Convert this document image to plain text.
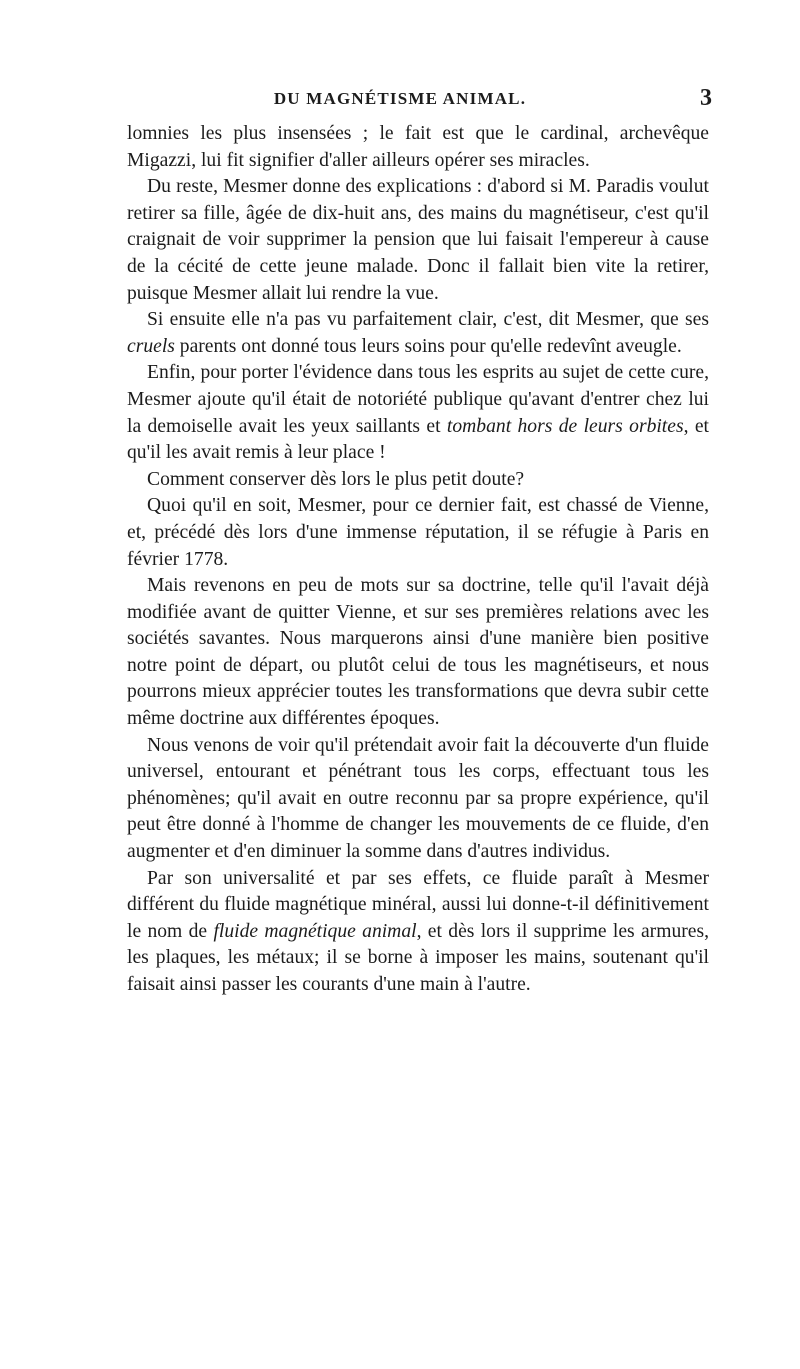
DU MAGNÉTISME ANIMAL.	3

lomnies les plus insensées ; le fait est que le cardinal, archevêque Migazzi, lui fit signifier d'aller ailleurs opérer ses miracles.

Du reste, Mesmer donne des explications : d'abord si M. Paradis voulut retirer sa fille, âgée de dix-huit ans, des mains du magnétiseur, c'est qu'il craignait de voir supprimer la pension que lui faisait l'empereur à cause de la cécité de cette jeune malade. Donc il fallait bien vite la retirer, puisque Mesmer allait lui rendre la vue.

Si ensuite elle n'a pas vu parfaitement clair, c'est, dit Mesmer, que ses cruels parents ont donné tous leurs soins pour qu'elle redevînt aveugle.

Enfin, pour porter l'évidence dans tous les esprits au sujet de cette cure, Mesmer ajoute qu'il était de notoriété publique qu'avant d'entrer chez lui la demoiselle avait les yeux saillants et tombant hors de leurs orbites, et qu'il les avait remis à leur place !

Comment conserver dès lors le plus petit doute?

Quoi qu'il en soit, Mesmer, pour ce dernier fait, est chassé de Vienne, et, précédé dès lors d'une immense réputation, il se réfugie à Paris en février 1778.

Mais revenons en peu de mots sur sa doctrine, telle qu'il l'avait déjà modifiée avant de quitter Vienne, et sur ses premières relations avec les sociétés savantes. Nous marquerons ainsi d'une manière bien positive notre point de départ, ou plutôt celui de tous les magnétiseurs, et nous pourrons mieux apprécier toutes les transformations que devra subir cette même doctrine aux différentes époques.

Nous venons de voir qu'il prétendait avoir fait la découverte d'un fluide universel, entourant et pénétrant tous les corps, effectuant tous les phénomènes; qu'il avait en outre reconnu par sa propre expérience, qu'il peut être donné à l'homme de changer les mouvements de ce fluide, d'en augmenter et d'en diminuer la somme dans d'autres individus.

Par son universalité et par ses effets, ce fluide paraît à Mesmer différent du fluide magnétique minéral, aussi lui donne-t-il définitivement le nom de fluide magnétique animal, et dès lors il supprime les armures, les plaques, les métaux; il se borne à imposer les mains, soutenant qu'il faisait ainsi passer les courants d'une main à l'autre.
